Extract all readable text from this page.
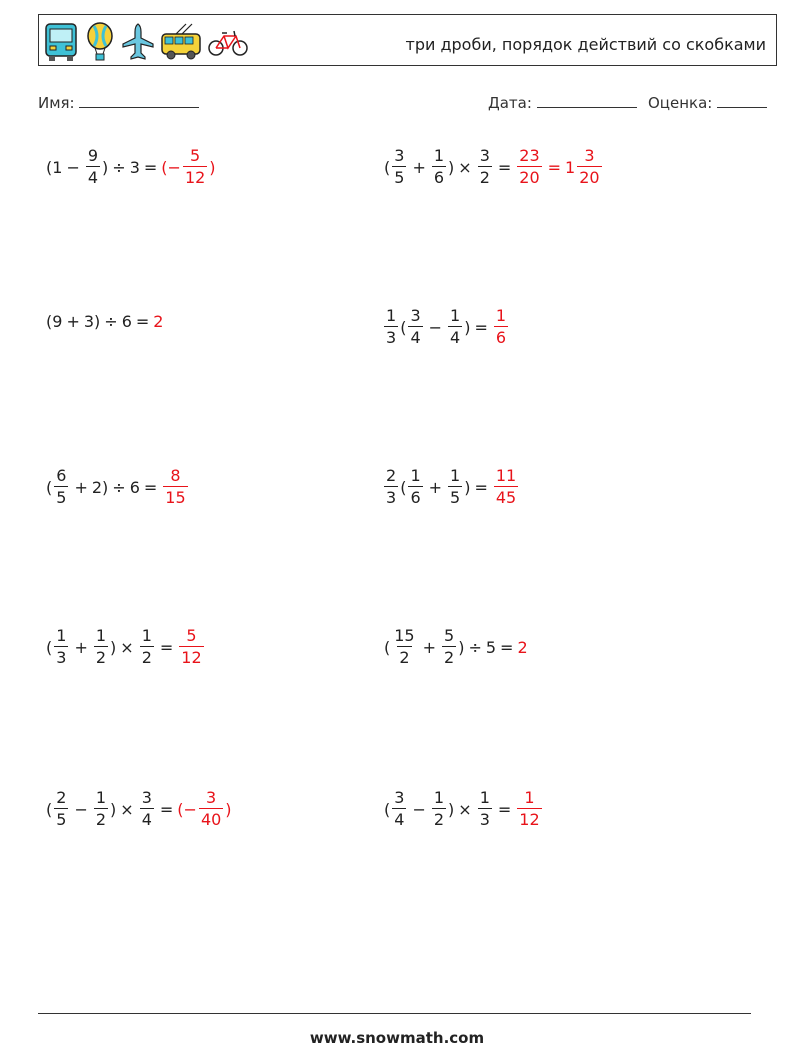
три дроби, порядок действий со скобками
Имя:	Дата:	Оценка:
( $1 - \frac{9}{4}$ ) ÷ 3 = ( − $\frac{5}{12}$ )	( $\frac{3}{5} + \frac{1}{6}$ ) × $\frac{3}{2} = \frac{23}{20} = 1 \frac{3}{20}$
( 9 + 3 ) ÷ 6 = 2	$\frac{1}{3}$ ( $\frac{3}{4} - \frac{1}{4}$ ) = $\frac{1}{6}$
( $\frac{6}{5} + 2$ ) ÷ $6 = \frac{8}{15}$	$\frac{2}{3}$ ( $\frac{1}{6} + \frac{1}{5}$ ) = $\frac{11}{45}$
( $\frac{1}{3} + \frac{1}{2}$ ) × $\frac{1}{2} = \frac{5}{12}$	( $\frac{15}{2} + \frac{5}{2}$ ) ÷ 5 = 2
( $\frac{2}{5} - \frac{1}{2}$ ) × $\frac{3}{4}$ = ( − $\frac{3}{40}$ )	( $\frac{3}{4} - \frac{1}{2}$ ) × $\frac{1}{3} = \frac{1}{12}$
www.snowmath.com
